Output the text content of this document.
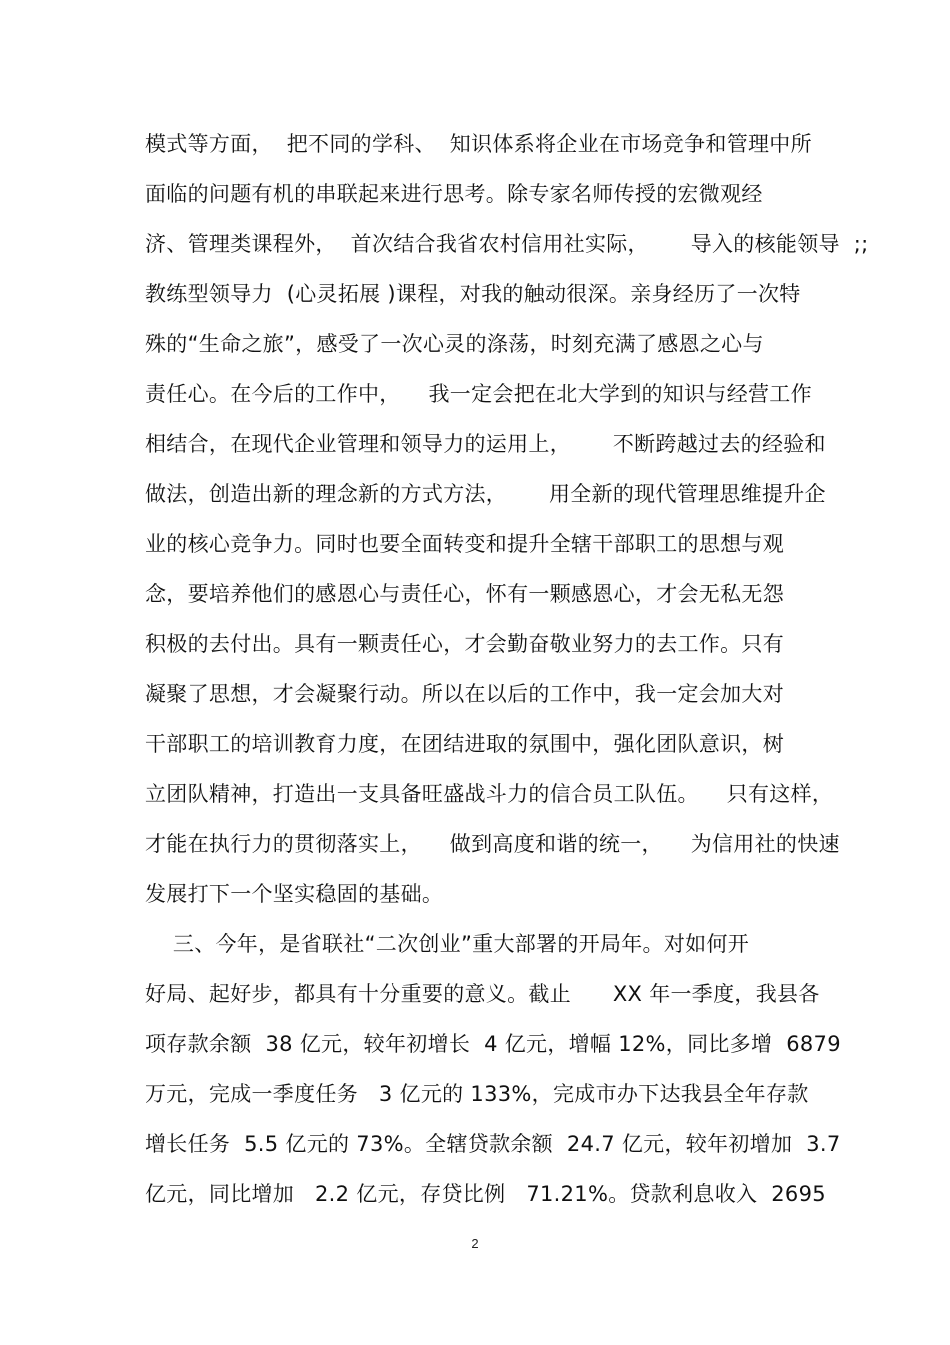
模式等方面，  把不同的学科、  知识体系将企业在市场竞争和管理中所
面临的问题有机的串联起来进行思考。除专家名师传授的宏微观经
济、管理类课程外，  首次结合我省农村信用社实际，      导入的核能领导  ;;
教练型领导力  (心灵拓展 )课程，对我的触动很深。亲身经历了一次特
殊的“生命之旅”，感受了一次心灵的涤荡，时刻充满了感恩之心与
责任心。在今后的工作中，    我一定会把在北大学到的知识与经营工作
相结合，在现代企业管理和领导力的运用上，      不断跨越过去的经验和
做法，创造出新的理念新的方式方法，      用全新的现代管理思维提升企
业的核心竞争力。同时也要全面转变和提升全辖干部职工的思想与观
念，要培养他们的感恩心与责任心，怀有一颗感恩心，才会无私无怨
积极的去付出。具有一颗责任心，才会勤奋敬业努力的去工作。只有
凝聚了思想，才会凝聚行动。所以在以后的工作中，我一定会加大对
干部职工的培训教育力度，在团结进取的氛围中，强化团队意识，树
立团队精神，打造出一支具备旺盛战斗力的信合员工队伍。    只有这样，
才能在执行力的贯彻落实上，    做到高度和谐的统一，    为信用社的快速
发展打下一个坚实稳固的基础。
三、今年，是省联社“二次创业”重大部署的开局年。对如何开
好局、起好步，都具有十分重要的意义。截止      XX 年一季度，我县各
项存款余额  38 亿元，较年初增长  4 亿元，增幅 12%，同比多增  6879
万元，完成一季度任务   3 亿元的 133%，完成市办下达我县全年存款
增长任务  5.5 亿元的 73%。全辖贷款余额  24.7 亿元，较年初增加  3.7
亿元，同比增加   2.2 亿元，存贷比例   71.21%。贷款利息收入  2695
2
